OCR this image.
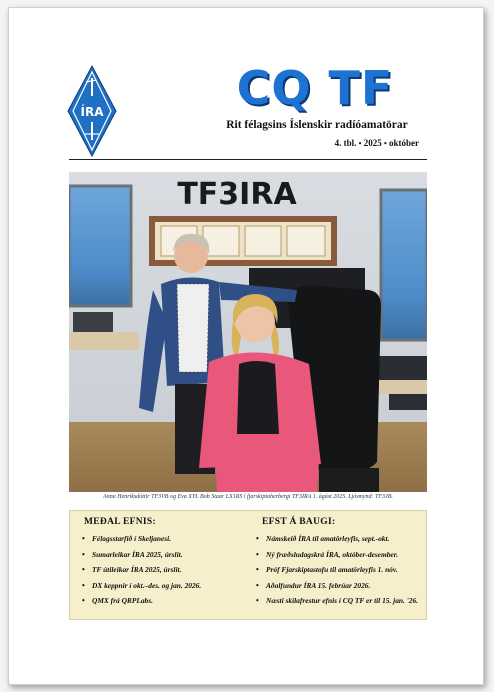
ÍRA	CQ TF
Rit félagsins Íslenskir radíóamatörar
4. tbl. • 2025 • október
TF3IRA
Anna Henriksdóttir TF3VB og Eva XYL Bob Staar LX1RS í fjarskiptaherbergi TF3IRA 1. ágúst 2025. Ljósmynd: TF3JB.
MEÐAL EFNIS:
• Félagsstarfið í Skeljanesi.
• Sumarleikar ÍRA 2025, úrslit.
• TF útileikar ÍRA 2025, úrslit.
• DX keppnir í okt.–des. og jan. 2026.
• QMX frá QRPLabs.
EFST Á BAUGI:
• Námskeið ÍRA til amatörleyfis, sept.-okt.
• Ný fræðsludagskrá ÍRA, október-desember.
• Próf Fjarskiptastofu til amatörleyfis 1. nóv.
• Aðalfundur ÍRA 15. febrúar 2026.
• Næsti skilafrestur efnis í CQ TF er til 15. jan. '26.
